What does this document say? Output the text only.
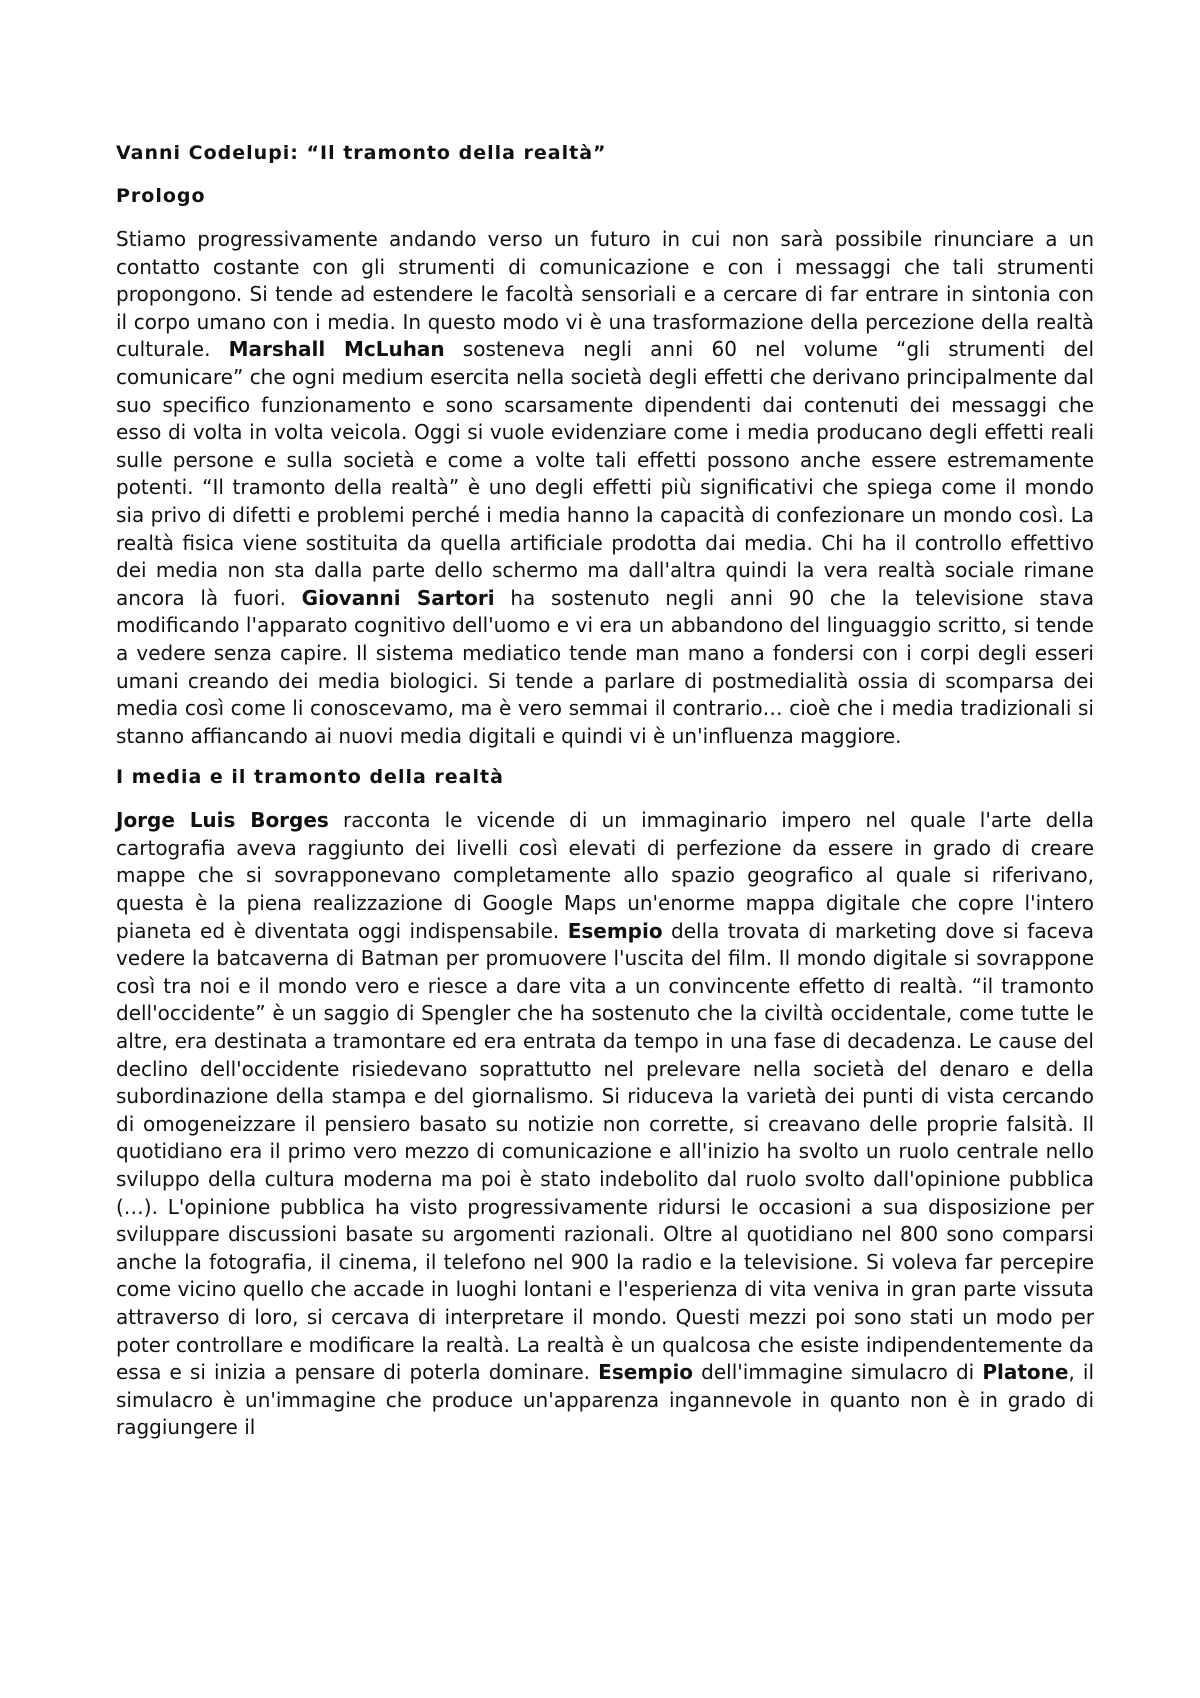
Vanni Codelupi: “Il tramonto della realtà”
Prologo

Stiamo progressivamente andando verso un futuro in cui non sarà possibile rinunciare a un contatto costante con gli strumenti di comunicazione e con i messaggi che tali strumenti propongono. Si tende ad estendere le facoltà sensoriali e a cercare di far entrare in sintonia con il corpo umano con i media. In questo modo vi è una trasformazione della percezione della realtà culturale. Marshall McLuhan sosteneva negli anni 60 nel volume “gli strumenti del comunicare” che ogni medium esercita nella società degli effetti che derivano principalmente dal suo specifico funzionamento e sono scarsamente dipendenti dai contenuti dei messaggi che esso di volta in volta veicola. Oggi si vuole evidenziare come i media producano degli effetti reali sulle persone e sulla società e come a volte tali effetti possono anche essere estremamente potenti. “Il tramonto della realtà” è uno degli effetti più significativi che spiega come il mondo sia privo di difetti e problemi perché i media hanno la capacità di confezionare un mondo così. La realtà fisica viene sostituita da quella artificiale prodotta dai media. Chi ha il controllo effettivo dei media non sta dalla parte dello schermo ma dall'altra quindi la vera realtà sociale rimane ancora là fuori. Giovanni Sartori ha sostenuto negli anni 90 che la televisione stava modificando l'apparato cognitivo dell'uomo e vi era un abbandono del linguaggio scritto, si tende a vedere senza capire. Il sistema mediatico tende man mano a fondersi con i corpi degli esseri umani creando dei media biologici. Si tende a parlare di postmedialità ossia di scomparsa dei media così come li conoscevamo, ma è vero semmai il contrario… cioè che i media tradizionali si stanno affiancando ai nuovi media digitali e quindi vi è un'influenza maggiore.

I media e il tramonto della realtà

Jorge Luis Borges racconta le vicende di un immaginario impero nel quale l'arte della cartografia aveva raggiunto dei livelli così elevati di perfezione da essere in grado di creare mappe che si sovrapponevano completamente allo spazio geografico al quale si riferivano, questa è la piena realizzazione di Google Maps un'enorme mappa digitale che copre l'intero pianeta ed è diventata oggi indispensabile. Esempio della trovata di marketing dove si faceva vedere la batcaverna di Batman per promuovere l'uscita del film. Il mondo digitale si sovrappone così tra noi e il mondo vero e riesce a dare vita a un convincente effetto di realtà. “il tramonto dell'occidente” è un saggio di Spengler che ha sostenuto che la civiltà occidentale, come tutte le altre, era destinata a tramontare ed era entrata da tempo in una fase di decadenza. Le cause del declino dell'occidente risiedevano soprattutto nel prelevare nella società del denaro e della subordinazione della stampa e del giornalismo. Si riduceva la varietà dei punti di vista cercando di omogeneizzare il pensiero basato su notizie non corrette, si creavano delle proprie falsità. Il quotidiano era il primo vero mezzo di comunicazione e all'inizio ha svolto un ruolo centrale nello sviluppo della cultura moderna ma poi è stato indebolito dal ruolo svolto dall'opinione pubblica (…). L'opinione pubblica ha visto progressivamente ridursi le occasioni a sua disposizione per sviluppare discussioni basate su argomenti razionali. Oltre al quotidiano nel 800 sono comparsi anche la fotografia, il cinema, il telefono nel 900 la radio e la televisione. Si voleva far percepire come vicino quello che accade in luoghi lontani e l'esperienza di vita veniva in gran parte vissuta attraverso di loro, si cercava di interpretare il mondo. Questi mezzi poi sono stati un modo per poter controllare e modificare la realtà. La realtà è un qualcosa che esiste indipendentemente da essa e si inizia a pensare di poterla dominare. Esempio dell'immagine simulacro di Platone, il simulacro è un'immagine che produce un'apparenza ingannevole in quanto non è in grado di raggiungere il
